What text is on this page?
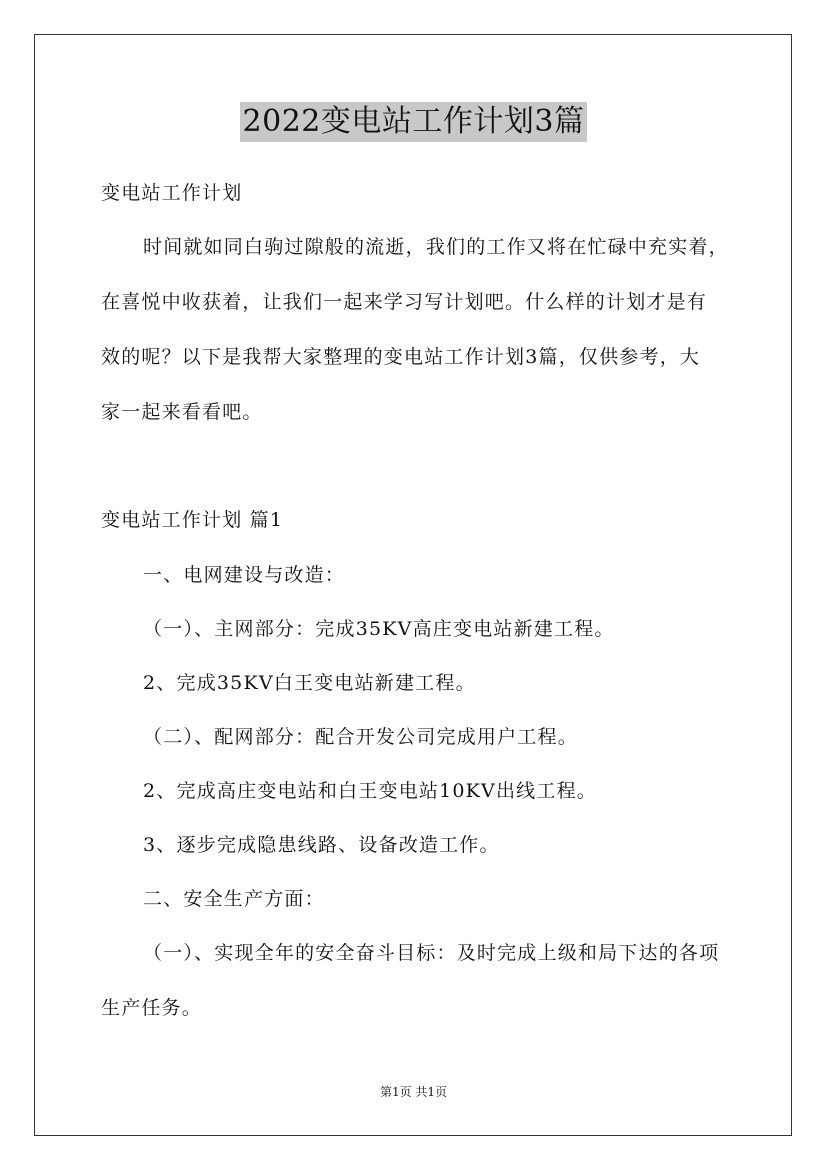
2022变电站工作计划3篇
变电站工作计划
时间就如同白驹过隙般的流逝，我们的工作又将在忙碌中充实着，
在喜悦中收获着，让我们一起来学习写计划吧。什么样的计划才是有
效的呢？以下是我帮大家整理的变电站工作计划3篇，仅供参考，大
家一起来看看吧。
变电站工作计划 篇1
一、电网建设与改造：
（一）、主网部分：完成35KV高庄变电站新建工程。
2、完成35KV白王变电站新建工程。
（二）、配网部分：配合开发公司完成用户工程。
2、完成高庄变电站和白王变电站10KV出线工程。
3、逐步完成隐患线路、设备改造工作。
二、安全生产方面：
（一）、实现全年的安全奋斗目标：及时完成上级和局下达的各项
生产任务。
第1页 共1页
